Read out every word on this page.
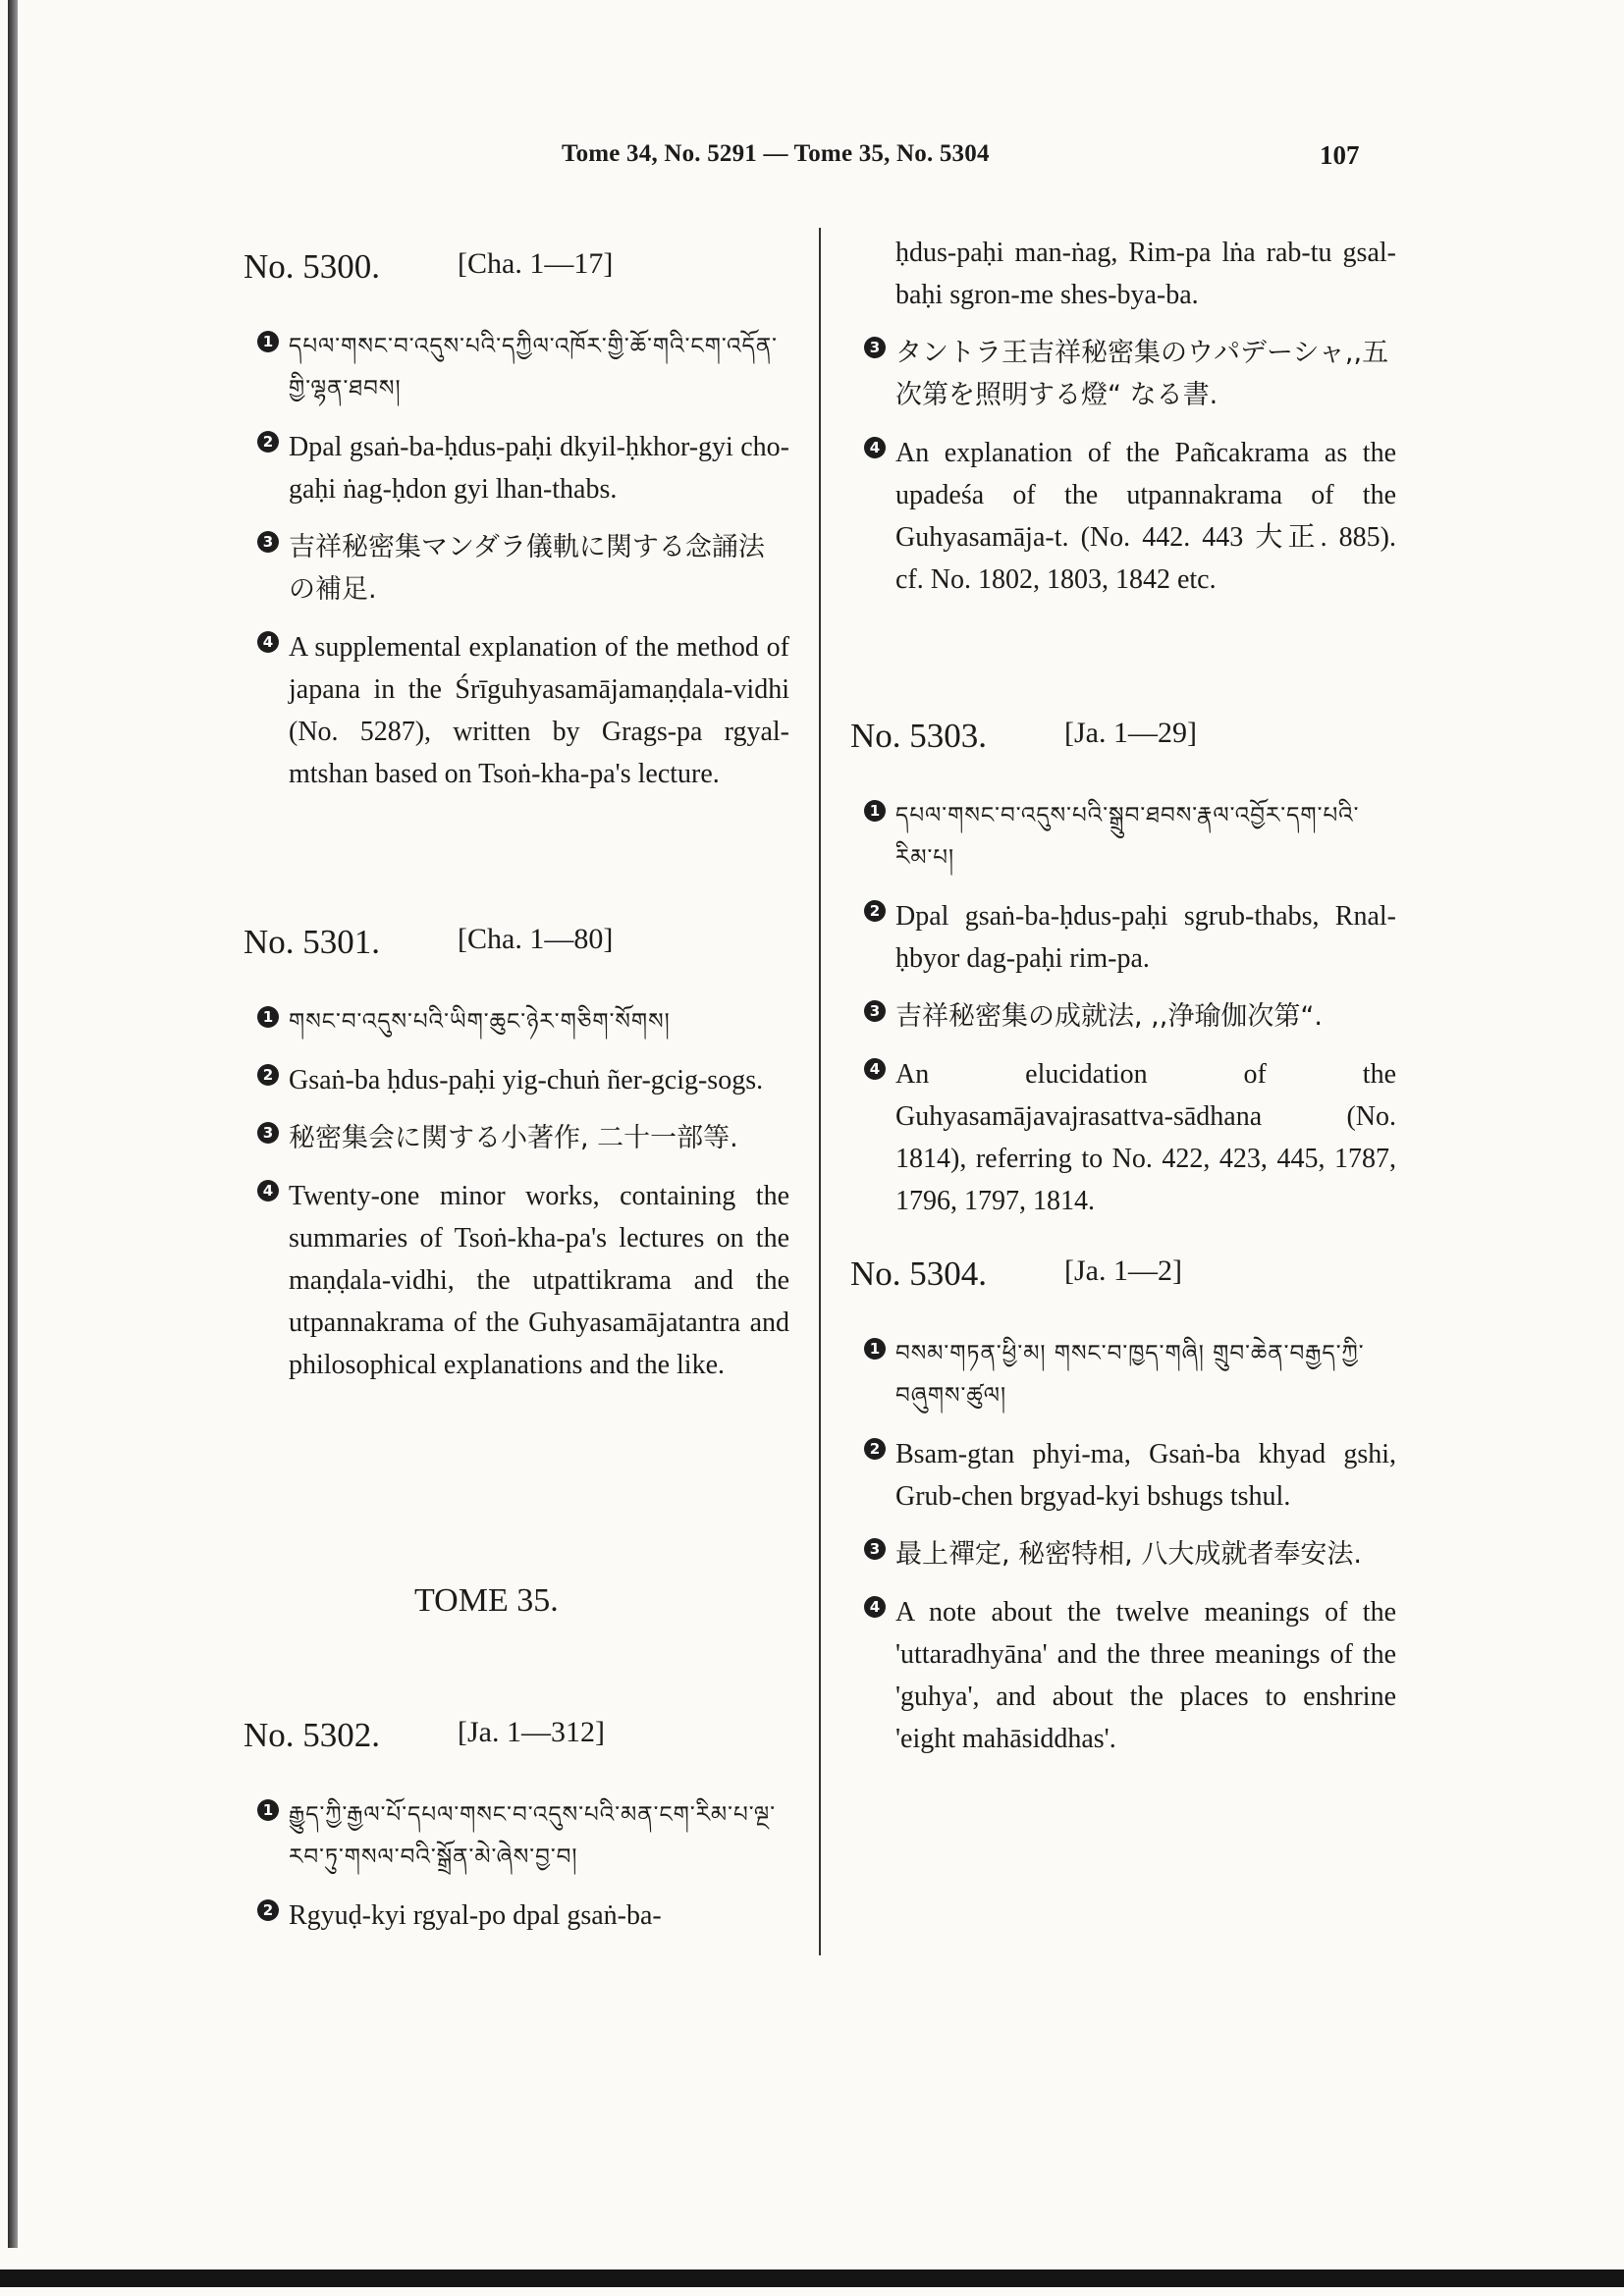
Tome 34, No. 5291 — Tome 35, No. 5304	107
No. 5300.	[Cha. 1—17]
1 དཔལ་གསང་བ་འདུས་པའི་དཀྱིལ་འཁོར་གྱི་ཆོ་གའི་ངག་འདོན་གྱི་ལྷན་ཐབས།
2 Dpal gsaṅ-ba-ḥdus-paḥi dkyil-ḥkhor-gyi cho-gaḥi ṅag-ḥdon gyi lhan-thabs.
3 吉祥秘密集マンダラ儀軌に関する念誦法の補足.
4 A supplemental explanation of the method of japana in the Śrīguhyasamājamaṇḍala-vidhi (No. 5287), written by Grags-pa rgyal-mtshan based on Tsoṅ-kha-pa's lecture.
No. 5301.	[Cha. 1—80]
1 གསང་བ་འདུས་པའི་ཡིག་ཆུང་ཉེར་གཅིག་སོགས།
2 Gsaṅ-ba ḥdus-paḥi yig-chuṅ ñer-gcig-sogs.
3 秘密集会に関する小著作, 二十一部等.
4 Twenty-one minor works, containing the summaries of Tsoṅ-kha-pa's lectures on the maṇḍala-vidhi, the utpattikrama and the utpannakrama of the Guhyasamājatantra and philosophical explanations and the like.
TOME 35.
No. 5302.	[Ja. 1—312]
1 རྒྱུད་ཀྱི་རྒྱལ་པོ་དཔལ་གསང་བ་འདུས་པའི་མན་ངག་རིམ་པ་ལྔ་རབ་ཏུ་གསལ་བའི་སྒྲོན་མེ་ཞེས་བྱ་བ།
2 Rgyuḍ-kyi rgyal-po dpal gsaṅ-ba-
ḥdus-paḥi man-ṅag, Rim-pa lṅa rab-tu gsal-baḥi sgron-me shes-bya-ba.
3 タントラ王吉祥秘密集のウパデーシャ,,五次第を照明する燈“ なる書.
4 An explanation of the Pañcakrama as the upadeśa of the utpannakrama of the Guhyasamāja-t. (No. 442. 443 大正. 885). cf. No. 1802, 1803, 1842 etc.
No. 5303.	[Ja. 1—29]
1 དཔལ་གསང་བ་འདུས་པའི་སྒྲུབ་ཐབས་རྣལ་འབྱོར་དག་པའི་རིམ་པ།
2 Dpal gsaṅ-ba-ḥdus-paḥi sgrub-thabs, Rnal-ḥbyor dag-paḥi rim-pa.
3 吉祥秘密集の成就法, ,,浄瑜伽次第“.
4 An elucidation of the Guhyasamājavajrasattva-sādhana (No. 1814), referring to No. 422, 423, 445, 1787, 1796, 1797, 1814.
No. 5304.	[Ja. 1—2]
1 བསམ་གཏན་ཕྱི་མ། གསང་བ་ཁྱད་གཞི། གྲུབ་ཆེན་བརྒྱད་ཀྱི་བཞུགས་ཚུལ།
2 Bsam-gtan phyi-ma, Gsaṅ-ba khyad gshi, Grub-chen brgyad-kyi bshugs tshul.
3 最上禪定, 秘密特相, 八大成就者奉安法.
4 A note about the twelve meanings of the 'uttaradhyāna' and the three meanings of the 'guhya', and about the places to enshrine 'eight mahāsiddhas'.
